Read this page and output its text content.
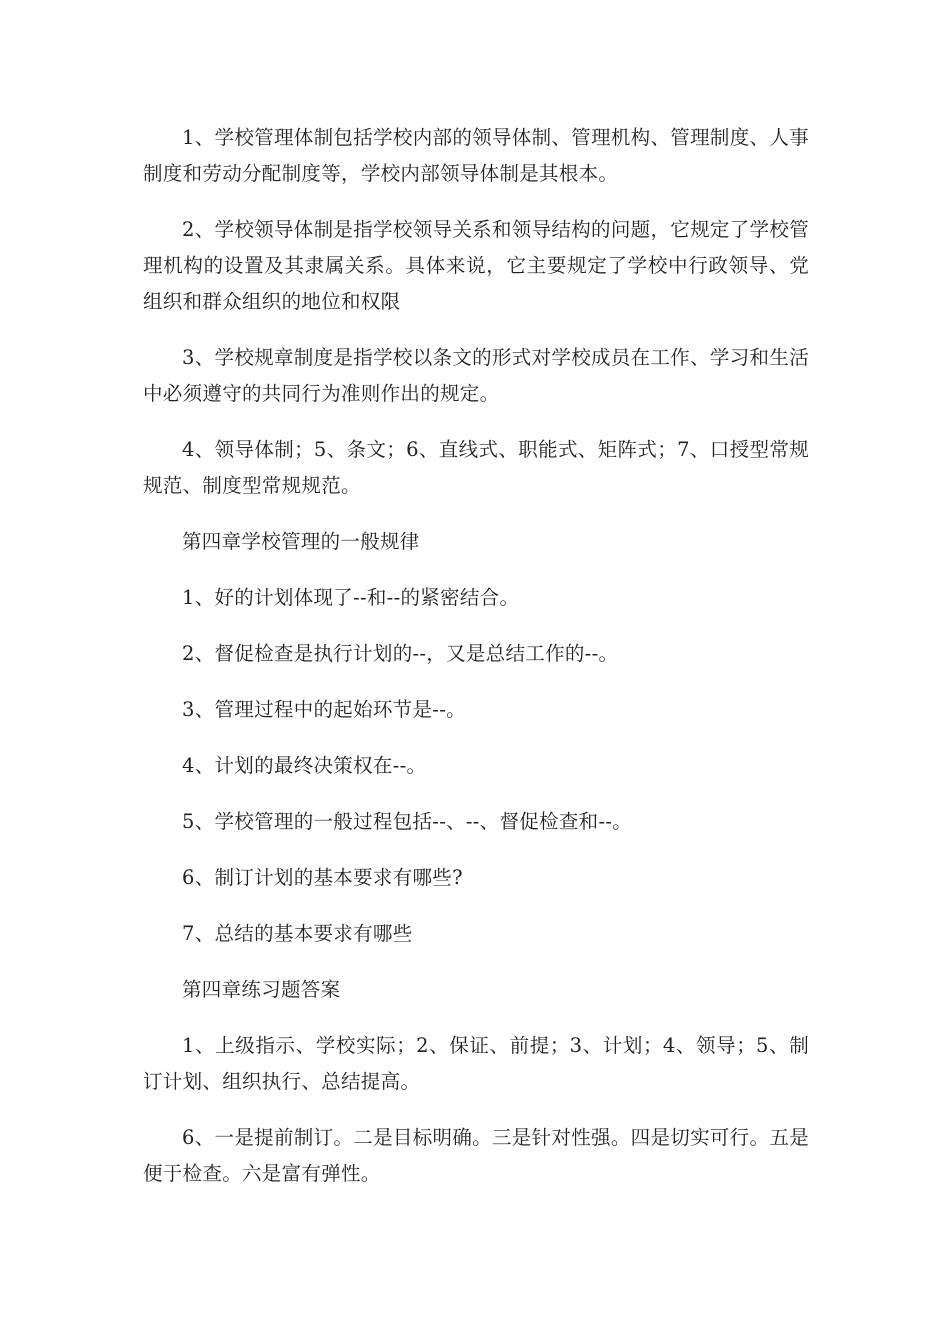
1、学校管理体制包括学校内部的领导体制、管理机构、管理制度、人事制度和劳动分配制度等，学校内部领导体制是其根本。

2、学校领导体制是指学校领导关系和领导结构的问题，它规定了学校管理机构的设置及其隶属关系。具体来说，它主要规定了学校中行政领导、党组织和群众组织的地位和权限

3、学校规章制度是指学校以条文的形式对学校成员在工作、学习和生活中必须遵守的共同行为准则作出的规定。

4、领导体制；5、条文；6、直线式、职能式、矩阵式；7、口授型常规规范、制度型常规规范。

第四章学校管理的一般规律

1、好的计划体现了--和--的紧密结合。

2、督促检查是执行计划的--，又是总结工作的--。

3、管理过程中的起始环节是--。

4、计划的最终决策权在--。

5、学校管理的一般过程包括--、--、督促检查和--。

6、制订计划的基本要求有哪些?

7、总结的基本要求有哪些

第四章练习题答案

1、上级指示、学校实际；2、保证、前提；3、计划；4、领导；5、制订计划、组织执行、总结提高。

6、一是提前制订。二是目标明确。三是针对性强。四是切实可行。五是便于检查。六是富有弹性。
